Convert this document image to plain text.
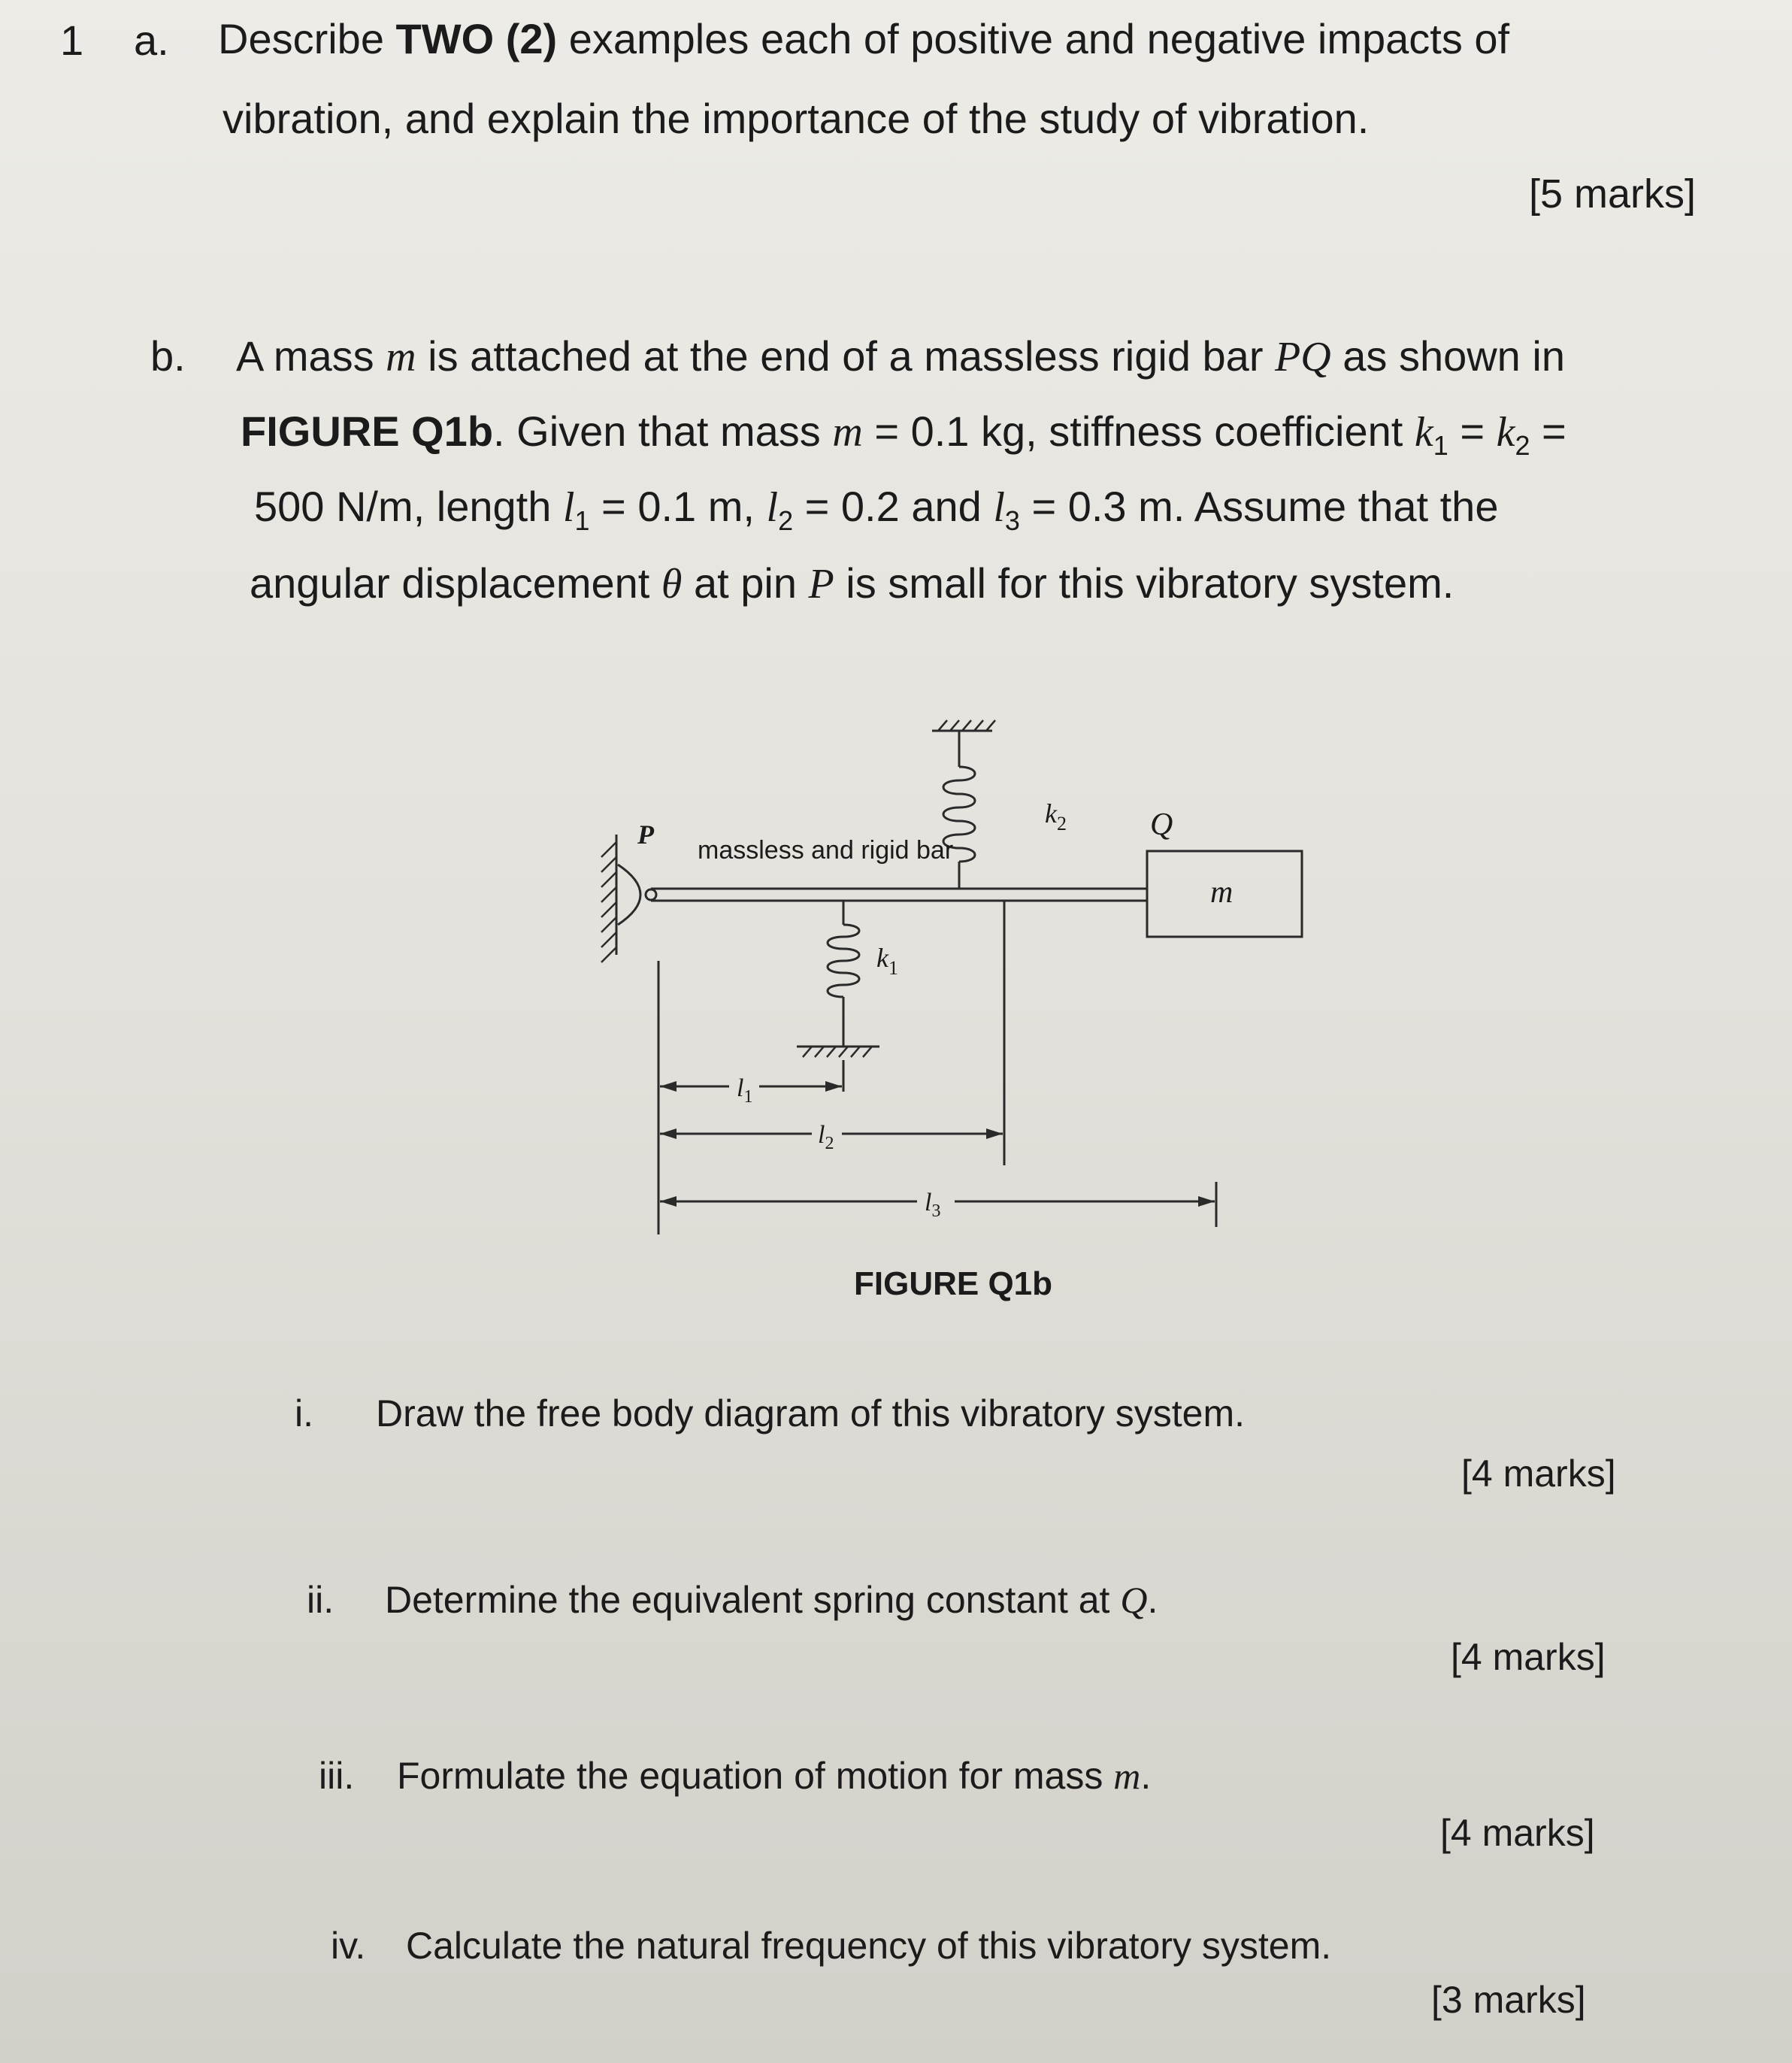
1 a. Describe TWO (2) examples each of positive and negative impacts of
vibration, and explain the importance of the study of vibration.
[5 marks]
b. A mass m is attached at the end of a massless rigid bar PQ as shown in
FIGURE Q1b. Given that mass m = 0.1 kg, stiffness coefficient $k_1 = k_2$ =
500 N/m, length $l_1 = 0.1$ m, $l_2 = 0.2$ and $l_3 = 0.3$ m. Assume that the
angular displacement θ at pin P is small for this vibratory system.
P
massless and rigid bar
Q
m
$k_2$
$k_1$
$l_1$
$l_2$
$l_3$
FIGURE Q1b
i. Draw the free body diagram of this vibratory system.
[4 marks]
ii. Determine the equivalent spring constant at Q.
[4 marks]
iii. Formulate the equation of motion for mass m.
[4 marks]
iv. Calculate the natural frequency of this vibratory system.
[3 marks]
